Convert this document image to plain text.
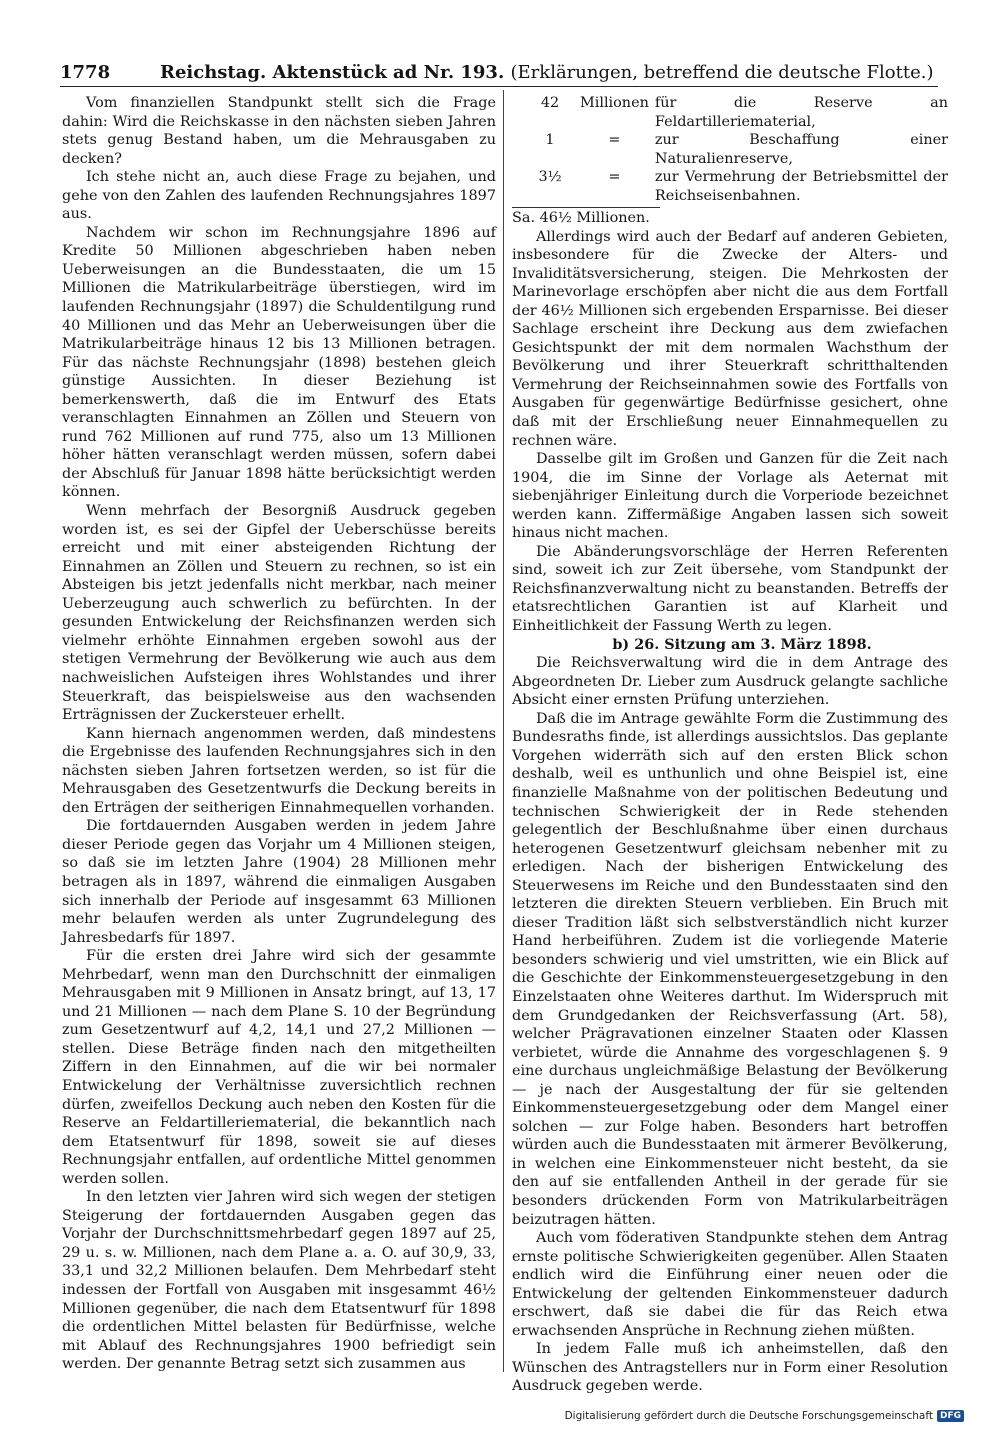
1778	Reichstag. Aktenstück ad Nr. 193. (Erklärungen, betreffend die deutsche Flotte.)

Vom finanziellen Standpunkt stellt sich die Frage dahin: Wird die Reichskasse in den nächsten sieben Jahren stets genug Bestand haben, um die Mehrausgaben zu decken?

Ich stehe nicht an, auch diese Frage zu bejahen, und gehe von den Zahlen des laufenden Rechnungsjahres 1897 aus.

Nachdem wir schon im Rechnungsjahre 1896 auf Kredite 50 Millionen abgeschrieben haben neben Ueberweisungen an die Bundesstaaten, die um 15 Millionen die Matrikularbeiträge überstiegen, wird im laufenden Rechnungsjahr (1897) die Schuldentilgung rund 40 Millionen und das Mehr an Ueberweisungen über die Matrikularbeiträge hinaus 12 bis 13 Millionen betragen. Für das nächste Rechnungsjahr (1898) bestehen gleich günstige Aussichten. In dieser Beziehung ist bemerkenswerth, daß die im Entwurf des Etats veranschlagten Einnahmen an Zöllen und Steuern von rund 762 Millionen auf rund 775, also um 13 Millionen höher hätten veranschlagt werden müssen, sofern dabei der Abschluß für Januar 1898 hätte berücksichtigt werden können.

Wenn mehrfach der Besorgniß Ausdruck gegeben worden ist, es sei der Gipfel der Ueberschüsse bereits erreicht und mit einer absteigenden Richtung der Einnahmen an Zöllen und Steuern zu rechnen, so ist ein Absteigen bis jetzt jedenfalls nicht merkbar, nach meiner Ueberzeugung auch schwerlich zu befürchten. In der gesunden Entwickelung der Reichsfinanzen werden sich vielmehr erhöhte Einnahmen ergeben sowohl aus der stetigen Vermehrung der Bevölkerung wie auch aus dem nachweislichen Aufsteigen ihres Wohlstandes und ihrer Steuerkraft, das beispielsweise aus den wachsenden Erträgnissen der Zuckersteuer erhellt.

Kann hiernach angenommen werden, daß mindestens die Ergebnisse des laufenden Rechnungsjahres sich in den nächsten sieben Jahren fortsetzen werden, so ist für die Mehrausgaben des Gesetzentwurfs die Deckung bereits in den Erträgen der seitherigen Einnahmequellen vorhanden.

Die fortdauernden Ausgaben werden in jedem Jahre dieser Periode gegen das Vorjahr um 4 Millionen steigen, so daß sie im letzten Jahre (1904) 28 Millionen mehr betragen als in 1897, während die einmaligen Ausgaben sich innerhalb der Periode auf insgesammt 63 Millionen mehr belaufen werden als unter Zugrundelegung des Jahresbedarfs für 1897.

Für die ersten drei Jahre wird sich der gesammte Mehrbedarf, wenn man den Durchschnitt der einmaligen Mehrausgaben mit 9 Millionen in Ansatz bringt, auf 13, 17 und 21 Millionen — nach dem Plane S. 10 der Begründung zum Gesetzentwurf auf 4,2, 14,1 und 27,2 Millionen — stellen. Diese Beträge finden nach den mitgetheilten Ziffern in den Einnahmen, auf die wir bei normaler Entwickelung der Verhältnisse zuversichtlich rechnen dürfen, zweifellos Deckung auch neben den Kosten für die Reserve an Feldartilleriematerial, die bekanntlich nach dem Etatsentwurf für 1898, soweit sie auf dieses Rechnungsjahr entfallen, auf ordentliche Mittel genommen werden sollen.

In den letzten vier Jahren wird sich wegen der stetigen Steigerung der fortdauernden Ausgaben gegen das Vorjahr der Durchschnittsmehrbedarf gegen 1897 auf 25, 29 u. s. w. Millionen, nach dem Plane a. a. O. auf 30,9, 33, 33,1 und 32,2 Millionen belaufen. Dem Mehrbedarf steht indessen der Fortfall von Ausgaben mit insgesammt 46½ Millionen gegenüber, die nach dem Etatsentwurf für 1898 die ordentlichen Mittel belasten für Bedürfnisse, welche mit Ablauf des Rechnungsjahres 1900 befriedigt sein werden. Der genannte Betrag setzt sich zusammen aus

42	Millionen	für die Reserve an Feldartilleriematerial,
1	=	zur Beschaffung einer Naturalienreserve,
3½	=	zur Vermehrung der Betriebsmittel der Reichseisenbahnen.
Sa. 46½ Millionen.

Allerdings wird auch der Bedarf auf anderen Gebieten, insbesondere für die Zwecke der Alters- und Invaliditätsversicherung, steigen. Die Mehrkosten der Marinevorlage erschöpfen aber nicht die aus dem Fortfall der 46½ Millionen sich ergebenden Ersparnisse. Bei dieser Sachlage erscheint ihre Deckung aus dem zwiefachen Gesichtspunkt der mit dem normalen Wachsthum der Bevölkerung und ihrer Steuerkraft schritthaltenden Vermehrung der Reichseinnahmen sowie des Fortfalls von Ausgaben für gegenwärtige Bedürfnisse gesichert, ohne daß mit der Erschließung neuer Einnahmequellen zu rechnen wäre.

Dasselbe gilt im Großen und Ganzen für die Zeit nach 1904, die im Sinne der Vorlage als Aeternat mit siebenjähriger Einleitung durch die Vorperiode bezeichnet werden kann. Ziffermäßige Angaben lassen sich soweit hinaus nicht machen.

Die Abänderungsvorschläge der Herren Referenten sind, soweit ich zur Zeit übersehe, vom Standpunkt der Reichsfinanzverwaltung nicht zu beanstanden. Betreffs der etatsrechtlichen Garantien ist auf Klarheit und Einheitlichkeit der Fassung Werth zu legen.

b) 26. Sitzung am 3. März 1898.

Die Reichsverwaltung wird die in dem Antrage des Abgeordneten Dr. Lieber zum Ausdruck gelangte sachliche Absicht einer ernsten Prüfung unterziehen.

Daß die im Antrage gewählte Form die Zustimmung des Bundesraths finde, ist allerdings aussichtslos. Das geplante Vorgehen widerräth sich auf den ersten Blick schon deshalb, weil es unthunlich und ohne Beispiel ist, eine finanzielle Maßnahme von der politischen Bedeutung und technischen Schwierigkeit der in Rede stehenden gelegentlich der Beschlußnahme über einen durchaus heterogenen Gesetzentwurf gleichsam nebenher mit zu erledigen. Nach der bisherigen Entwickelung des Steuerwesens im Reiche und den Bundesstaaten sind den letzteren die direkten Steuern verblieben. Ein Bruch mit dieser Tradition läßt sich selbstverständlich nicht kurzer Hand herbeiführen. Zudem ist die vorliegende Materie besonders schwierig und viel umstritten, wie ein Blick auf die Geschichte der Einkommensteuergesetzgebung in den Einzelstaaten ohne Weiteres darthut. Im Widerspruch mit dem Grundgedanken der Reichsverfassung (Art. 58), welcher Prägravationen einzelner Staaten oder Klassen verbietet, würde die Annahme des vorgeschlagenen §. 9 eine durchaus ungleichmäßige Belastung der Bevölkerung — je nach der Ausgestaltung der für sie geltenden Einkommensteuergesetzgebung oder dem Mangel einer solchen — zur Folge haben. Besonders hart betroffen würden auch die Bundesstaaten mit ärmerer Bevölkerung, in welchen eine Einkommensteuer nicht besteht, da sie den auf sie entfallenden Antheil in der gerade für sie besonders drückenden Form von Matrikularbeiträgen beizutragen hätten.

Auch vom föderativen Standpunkte stehen dem Antrag ernste politische Schwierigkeiten gegenüber. Allen Staaten endlich wird die Einführung einer neuen oder die Entwickelung der geltenden Einkommensteuer dadurch erschwert, daß sie dabei die für das Reich etwa erwachsenden Ansprüche in Rechnung ziehen müßten.

In jedem Falle muß ich anheimstellen, daß den Wünschen des Antragstellers nur in Form einer Resolution Ausdruck gegeben werde.

Digitalisierung gefördert durch die Deutsche Forschungsgemeinschaft DFG
